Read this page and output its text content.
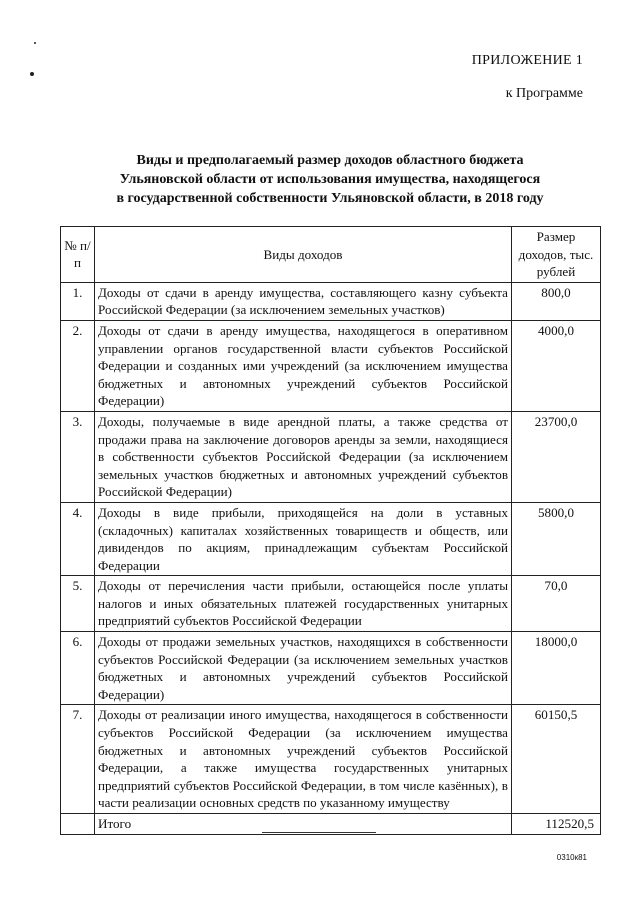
ПРИЛОЖЕНИЕ 1
к Программе
Виды и предполагаемый размер доходов областного бюджета
Ульяновской области от использования имущества, находящегося
в государственной собственности Ульяновской области, в 2018 году
№ п/п	Виды доходов	Размер доходов, тыс. рублей
1.	Доходы от сдачи в аренду имущества, составляющего казну субъекта Российской Федерации (за исключением земельных участков)	800,0
2.	Доходы от сдачи в аренду имущества, находящегося в оперативном управлении органов государственной власти субъектов Российской Федерации и созданных ими учреждений (за исключением имущества бюджетных и автономных учреждений субъектов Российской Федерации)	4000,0
3.	Доходы, получаемые в виде арендной платы, а также средства от продажи права на заключение договоров аренды за земли, находящиеся в собственности субъектов Российской Федерации (за исключением земельных участков бюджетных и автономных учреждений субъектов Российской Федерации)	23700,0
4.	Доходы в виде прибыли, приходящейся на доли в уставных (складочных) капиталах хозяйственных товариществ и обществ, или дивидендов по акциям, принадлежащим субъектам Российской Федерации	5800,0
5.	Доходы от перечисления части прибыли, остающейся после уплаты налогов и иных обязательных платежей государственных унитарных предприятий субъектов Российской Федерации	70,0
6.	Доходы от продажи земельных участков, находящихся в собственности субъектов Российской Федерации (за исключением земельных участков бюджетных и автономных учреждений субъектов Российской Федерации)	18000,0
7.	Доходы от реализации иного имущества, находящегося в собственности субъектов Российской Федерации (за исключением имущества бюджетных и автономных учреждений субъектов Российской Федерации, а также имущества государственных унитарных предприятий субъектов Российской Федерации, в том числе казённых), в части реализации основных средств по указанному имуществу	60150,5
	Итого	112520,5
0310к81
